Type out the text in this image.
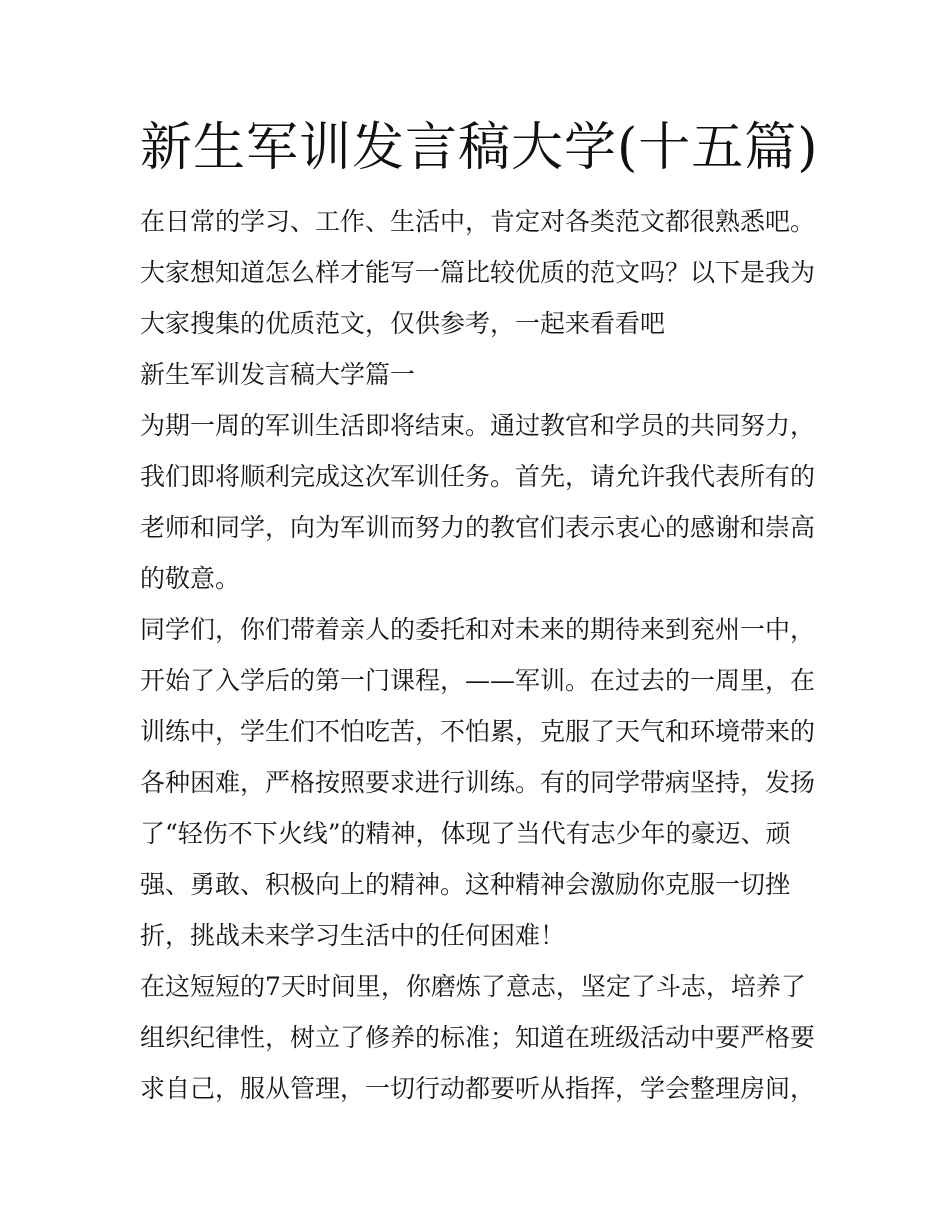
新生军训发言稿大学(十五篇)
在日常的学习、工作、生活中，肯定对各类范文都很熟悉吧。
大家想知道怎么样才能写一篇比较优质的范文吗？以下是我为
大家搜集的优质范文，仅供参考，一起来看看吧
新生军训发言稿大学篇一
为期一周的军训生活即将结束。通过教官和学员的共同努力，
我们即将顺利完成这次军训任务。首先，请允许我代表所有的
老师和同学，向为军训而努力的教官们表示衷心的感谢和崇高
的敬意。
同学们，你们带着亲人的委托和对未来的期待来到兖州一中，
开始了入学后的第一门课程，——军训。在过去的一周里，在
训练中，学生们不怕吃苦，不怕累，克服了天气和环境带来的
各种困难，严格按照要求进行训练。有的同学带病坚持，发扬
了“轻伤不下火线”的精神，体现了当代有志少年的豪迈、顽
强、勇敢、积极向上的精神。这种精神会激励你克服一切挫
折，挑战未来学习生活中的任何困难！
在这短短的7天时间里，你磨炼了意志，坚定了斗志，培养了
组织纪律性，树立了修养的标准；知道在班级活动中要严格要
求自己，服从管理，一切行动都要听从指挥，学会整理房间，
